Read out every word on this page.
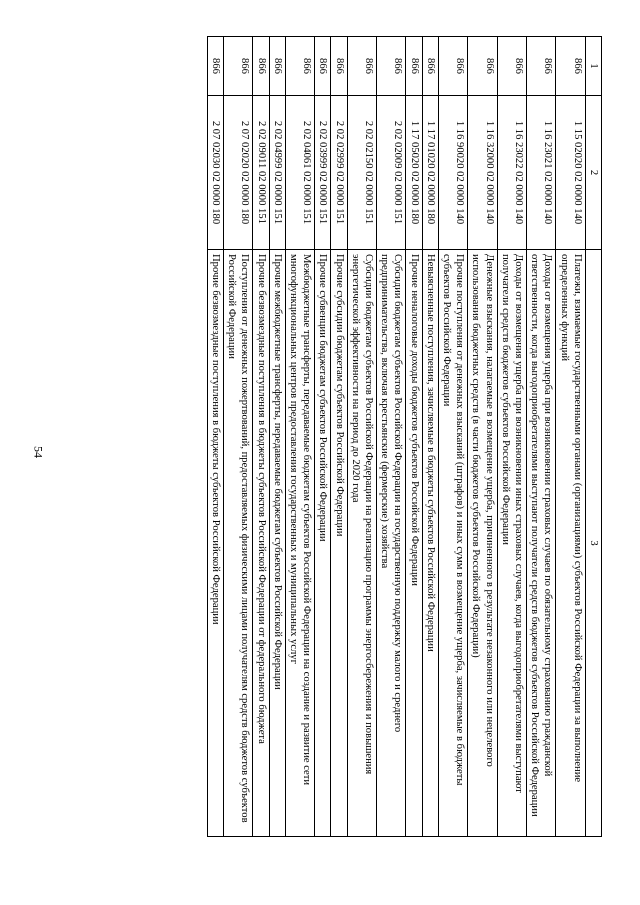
54
1	2	3
866	1 15 02020 02 0000 140	Платежи, взимаемые государственными органами (организациями) субъектов Российской Федерации за выполнение определенных функций
866	1 16 23021 02 0000 140	Доходы от возмещения ущерба при возникновении страховых случаев по обязательному страхованию гражданской ответственности, когда выгодоприобретателями выступают получатели средств бюджетов субъектов Российской Федерации
866	1 16 23022 02 0000 140	Доходы от возмещения ущерба при возникновении иных страховых случаев, когда выгодоприобретателями выступают получатели средств бюджетов субъектов Российской Федерации
866	1 16 32000 02 0000 140	Денежные взыскания, налагаемые в возмещение ущерба, причиненного в результате незаконного или нецелевого использования бюджетных средств (в части бюджетов субъектов Российской Федерации)
866	1 16 90020 02 0000 140	Прочие поступления от денежных взысканий (штрафов) и иных сумм в возмещение ущерба, зачисляемые в бюджеты субъектов Российской Федерации
866	1 17 01020 02 0000 180	Невыясненные поступления, зачисляемые в бюджеты субъектов Российской Федерации
866	1 17 05020 02 0000 180	Прочие неналоговые доходы бюджетов субъектов Российской Федерации
866	2 02 02009 02 0000 151	Субсидии бюджетам субъектов Российской Федерации на государственную поддержку малого и среднего предпринимательства, включая крестьянские (фермерские) хозяйства
866	2 02 02150 02 0000 151	Субсидии бюджетам субъектов Российской Федерации на реализацию программы энергосбережения и повышения энергетической эффективности на период до 2020 года
866	2 02 02999 02 0000 151	Прочие субсидии бюджетам субъектов Российской Федерации
866	2 02 03999 02 0000 151	Прочие субвенции бюджетам субъектов Российской Федерации
866	2 02 04061 02 0000 151	Межбюджетные трансферты, передаваемые бюджетам субъектов Российской Федерации на создание и развитие сети многофункциональных центров предоставления государственных и муниципальных услуг
866	2 02 04999 02 0000 151	Прочие межбюджетные трансферты, передаваемые бюджетам субъектов Российской Федерации
866	2 02 09011 02 0000 151	Прочие безвозмездные поступления в бюджеты субъектов Российской Федерации от федерального бюджета
866	2 07 02020 02 0000 180	Поступления от денежных пожертвований, предоставляемых физическими лицами получателям средств бюджетов субъектов Российской Федерации
866	2 07 02030 02 0000 180	Прочие безвозмездные поступления в бюджеты субъектов Российской Федерации
